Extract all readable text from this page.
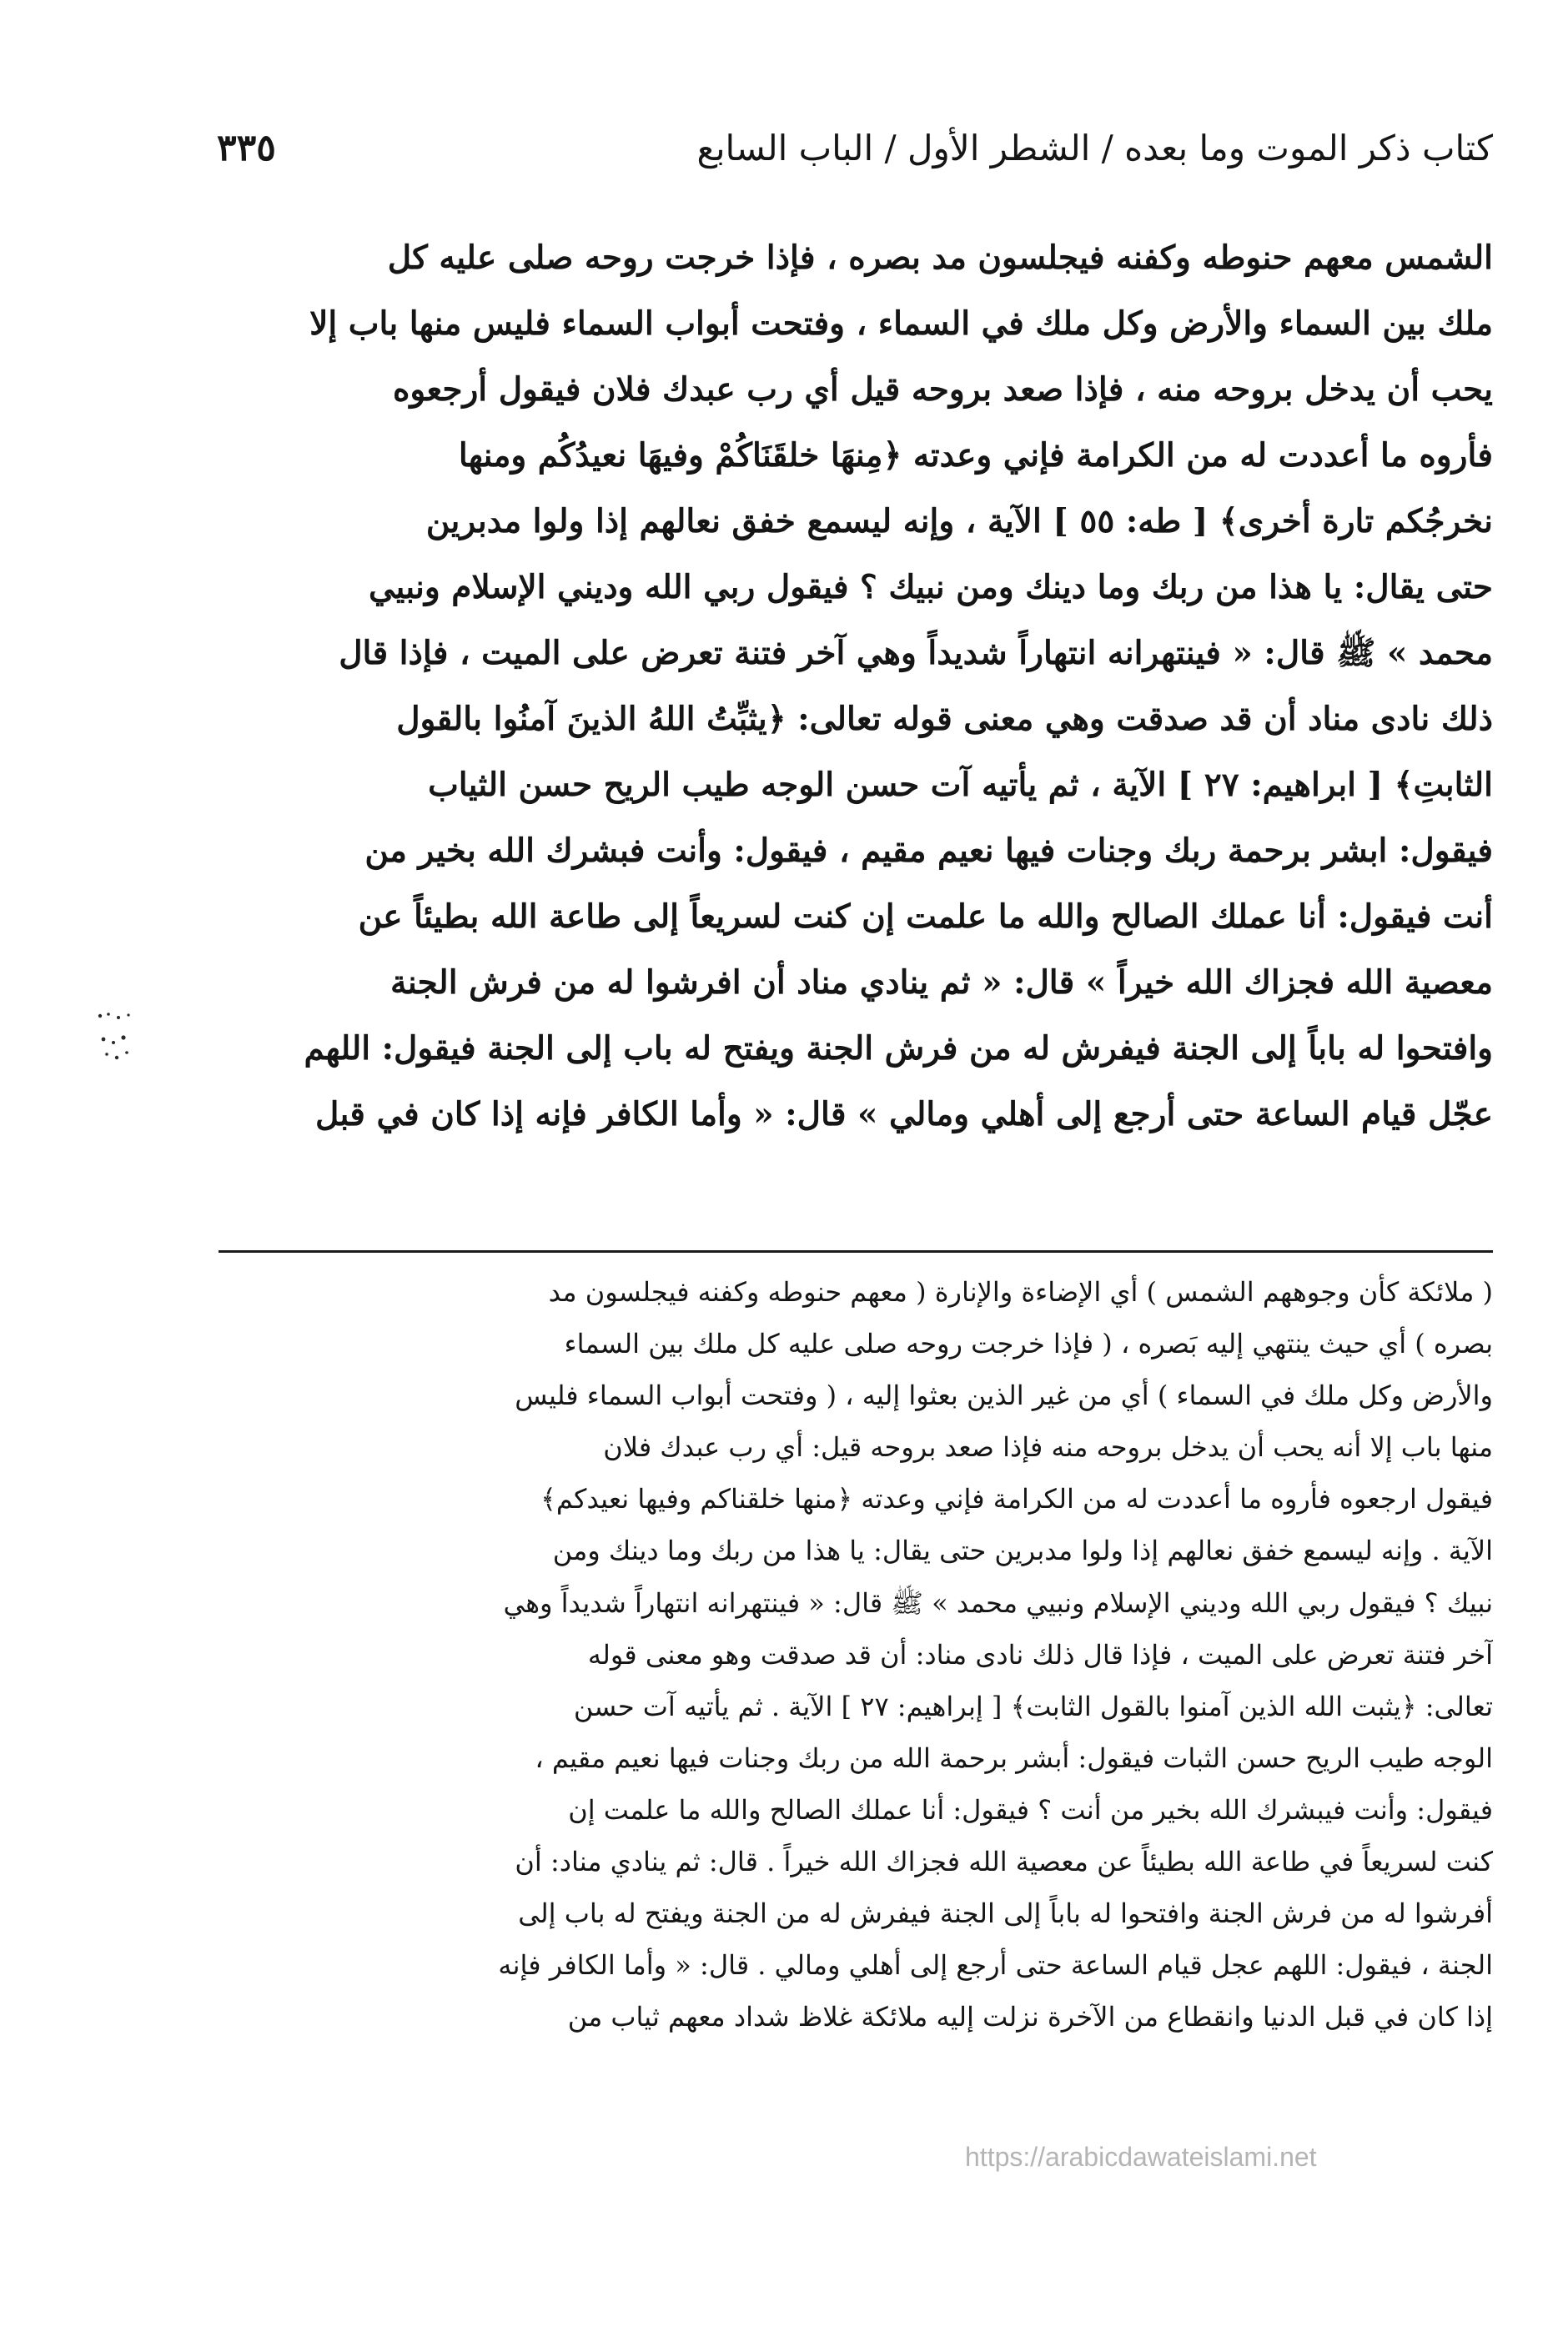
كتاب ذكر الموت وما بعده / الشطر الأول / الباب السابع
٣٣٥
الشمس معهم حنوطه وكفنه فيجلسون مد بصره ، فإذا خرجت روحه صلى عليه كل
ملك بين السماء والأرض وكل ملك في السماء ، وفتحت أبواب السماء فليس منها باب إلا
يحب أن يدخل بروحه منه ، فإذا صعد بروحه قيل أي رب عبدك فلان فيقول أرجعوه
فأروه ما أعددت له من الكرامة فإني وعدته ﴿مِنهَا خلقَنَاكُمْ وفيهَا نعيدُكُم ومنها
نخرجُكم تارة أخرى﴾ [ طه: ٥٥ ] الآية ، وإنه ليسمع خفق نعالهم إذا ولوا مدبرين
حتى يقال: يا هذا من ربك وما دينك ومن نبيك ؟ فيقول ربي الله وديني الإسلام ونبيي
محمد » ﷺ قال: « فينتهرانه انتهاراً شديداً وهي آخر فتنة تعرض على الميت ، فإذا قال
ذلك نادى مناد أن قد صدقت وهي معنى قوله تعالى: ﴿يثبِّتُ اللهُ الذينَ آمنُوا بالقول
الثابتِ﴾ [ ابراهيم: ٢٧ ] الآية ، ثم يأتيه آت حسن الوجه طيب الريح حسن الثياب
فيقول: ابشر برحمة ربك وجنات فيها نعيم مقيم ، فيقول: وأنت فبشرك الله بخير من
أنت فيقول: أنا عملك الصالح والله ما علمت إن كنت لسريعاً إلى طاعة الله بطيئاً عن
معصية الله فجزاك الله خيراً » قال: « ثم ينادي مناد أن افرشوا له من فرش الجنة
وافتحوا له باباً إلى الجنة فيفرش له من فرش الجنة ويفتح له باب إلى الجنة فيقول: اللهم
عجّل قيام الساعة حتى أرجع إلى أهلي ومالي » قال: « وأما الكافر فإنه إذا كان في قبل
( ملائكة كأن وجوههم الشمس ) أي الإضاءة والإنارة ( معهم حنوطه وكفنه فيجلسون مد
بصره ) أي حيث ينتهي إليه بَصره ، ( فإذا خرجت روحه صلى عليه كل ملك بين السماء
والأرض وكل ملك في السماء ) أي من غير الذين بعثوا إليه ، ( وفتحت أبواب السماء فليس
منها باب إلا أنه يحب أن يدخل بروحه منه فإذا صعد بروحه قيل: أي رب عبدك فلان
فيقول ارجعوه فأروه ما أعددت له من الكرامة فإني وعدته ﴿منها خلقناكم وفيها نعيدكم﴾
الآية . وإنه ليسمع خفق نعالهم إذا ولوا مدبرين حتى يقال: يا هذا من ربك وما دينك ومن
نبيك ؟ فيقول ربي الله وديني الإسلام ونبيي محمد » ﷺ قال: « فينتهرانه انتهاراً شديداً وهي
آخر فتنة تعرض على الميت ، فإذا قال ذلك نادى مناد: أن قد صدقت وهو معنى قوله
تعالى: ﴿يثبت الله الذين آمنوا بالقول الثابت﴾ [ إبراهيم: ٢٧ ] الآية . ثم يأتيه آت حسن
الوجه طيب الريح حسن الثبات فيقول: أبشر برحمة الله من ربك وجنات فيها نعيم مقيم ،
فيقول: وأنت فيبشرك الله بخير من أنت ؟ فيقول: أنا عملك الصالح والله ما علمت إن
كنت لسريعاً في طاعة الله بطيئاً عن معصية الله فجزاك الله خيراً . قال: ثم ينادي مناد: أن
أفرشوا له من فرش الجنة وافتحوا له باباً إلى الجنة فيفرش له من الجنة ويفتح له باب إلى
الجنة ، فيقول: اللهم عجل قيام الساعة حتى أرجع إلى أهلي ومالي . قال: « وأما الكافر فإنه
إذا كان في قبل الدنيا وانقطاع من الآخرة نزلت إليه ملائكة غلاظ شداد معهم ثياب من
https://arabicdawateislami.net
